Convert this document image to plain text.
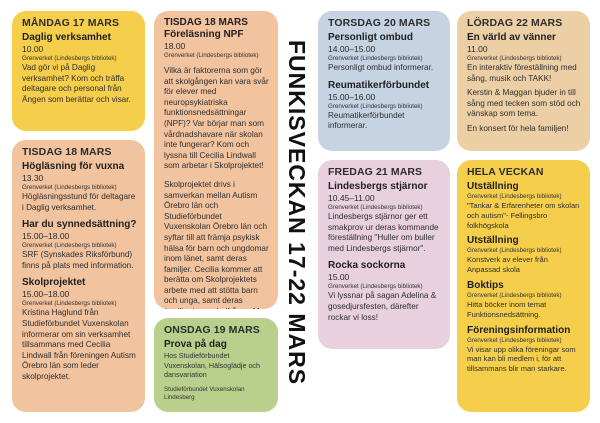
MÅNDAG 17 MARS
Daglig verksamhet
10.00
Grenverket (Lindesbergs bibliotek)
Vad gör vi på Daglig verksamhet? Kom och träffa deltagare och personal från Ängen som berättar och visar.
TISDAG 18 MARS
Högläsning för vuxna
13.30
Grenverket (Lindesbergs bibliotek)
Högläsningsstund för deltagare i Daglig verksamhet.
Har du synnedsättning?
15.00–18.00
Grenverket (Lindesbergs bibliotek)
SRF (Synskades Riksförbund) finns på plats med information.
Skolprojektet
15.00–18.00
Grenverket (Lindesbergs bibliotek)
Kristina Haglund från Studieförbundet Vuxenskolan informerar om sin verksamhet tillsammans med Cecilia Lindwall från föreningen Autism Örebro län som leder skolprojektet.
TISDAG 18 MARS
Föreläsning NPF
18.00
Grenverket (Lindesbergs bibliotek)
Vilka är faktorerna som gör att skolgången kan vara svår för elever med neuropsykiatriska funktionsnedsättningar (NPF)? Var börjar man som vårdnadshavare när skolan inte fungerar? Kom och lyssna till Cecilia Lindwall som arbetar i Skolprojektet!
Skolprojektet drivs i samverkan mellan Autism Örebro län och Studieförbundet Vuxenskolan Örebro län och syftar till att främja psykisk hälsa för barn och ungdomar inom länet, samt deras familjer. Cecilia kommer att berätta om Skolprojektets arbete med att stötta barn och unga, samt deras
ONSDAG 19 MARS
Prova på dag
Hos Studieförbundet Vuxenskolan, Hälsoglädje och dansvariation
Studieförbundet Vuxenskolan
Lindesberg
FUNKISVECKAN 17-22 MARS
TORSDAG 20 MARS
Personligt ombud
14.00–15.00
Grenverket (Lindesbergs bibliotek)
Personligt ombud informerar.
Reumatikerförbundet
15.00–16.00
Grenverket (Lindesbergs bibliotek)
Reumatikerförbundet informerar.
FREDAG 21 MARS
Lindesbergs stjärnor
10.45–11.00
Grenverket (Lindesbergs bibliotek)
Lindesbergs stjärnor ger ett smakprov ur deras kommande föreställning "Huller om buller med Lindesbergs stjärnor".
Rocka sockorna
15.00
Grenverket (Lindesbergs bibliotek)
Vi lyssnar på sagan Adelina & gosedjursfesten, därefter rockar vi loss!
LÖRDAG 22 MARS
En värld av vänner
11.00
Grenverket (Lindesbergs bibliotek)
En interaktiv föreställning med sång, musik och TAKK!
Kerstin & Maggan bjuder in till sång med tecken som stöd och vänskap som tema.
En konsert för hela familjen!
HELA VECKAN
Utställning
Grenverket (Lindesbergs bibliotek)
"Tankar & Erfarenheter om skolan och autism"- Fellingsbro folkhögskola
Utställning
Grenverket (Lindesbergs bibliotek)
Konstverk av elever från Anpassad skola
Boktips
Grenverket (Lindesbergs bibliotek)
Hitta böcker inom temat Funktionsnedsättning.
Föreningsinformation
Grenverket (Lindesbergs bibliotek)
Vi visar upp olika föreningar som man kan bli medlem i, för att tillsammans blir man starkare.
